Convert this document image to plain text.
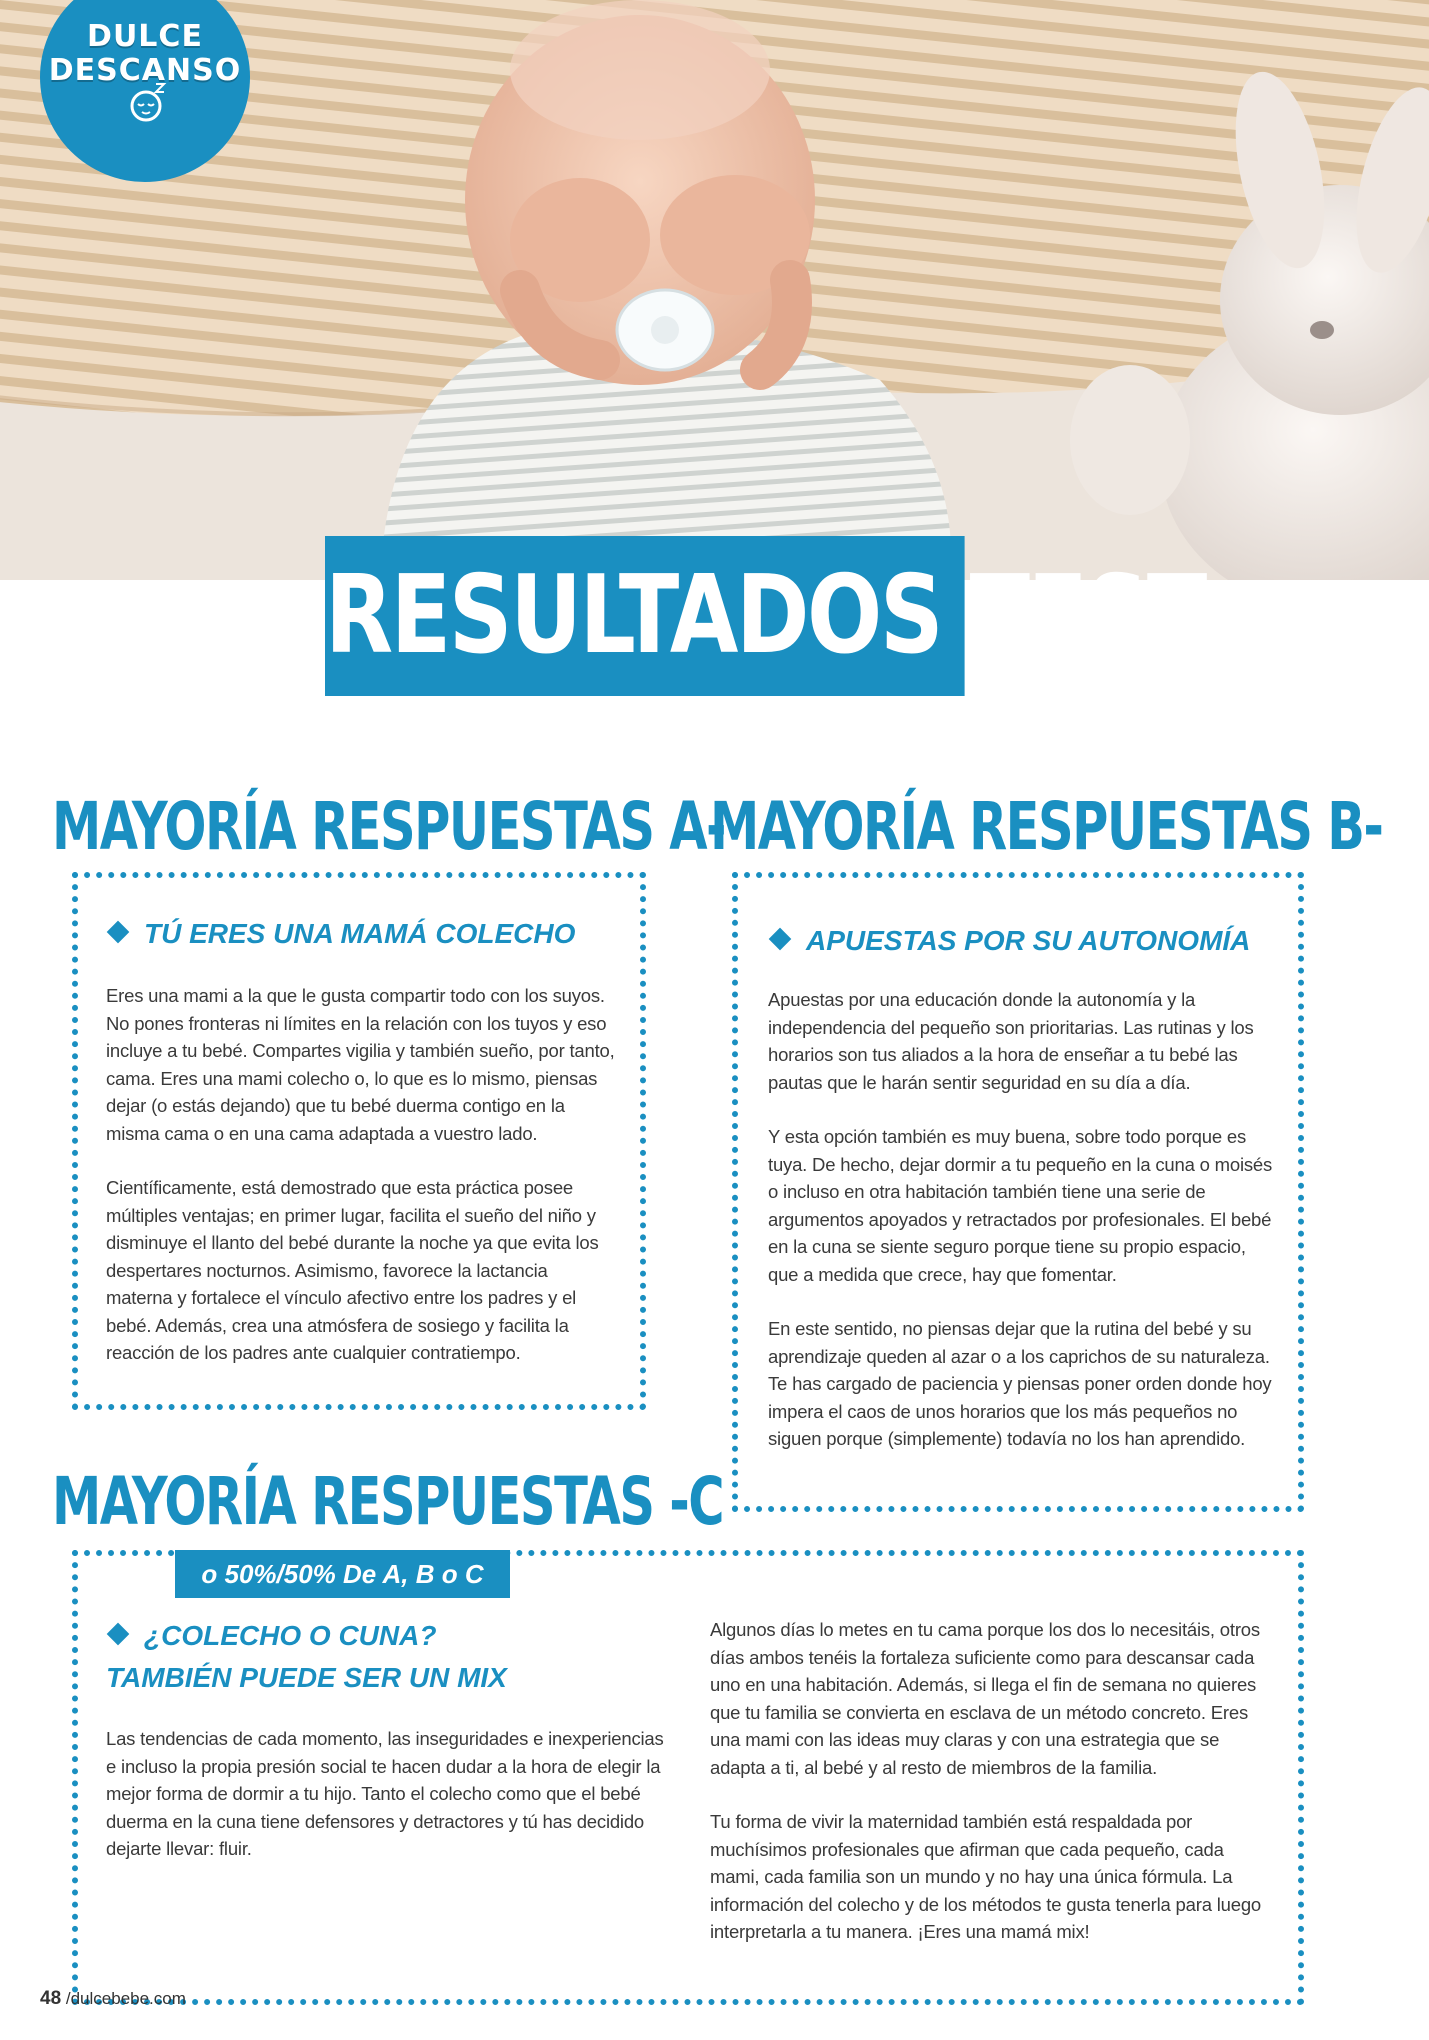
DULCE
DESCANSO
RESULTADOS TEST
MAYORÍA RESPUESTAS A-
TÚ ERES UNA MAMÁ COLECHO

Eres una mami a la que le gusta compartir todo con los suyos. No pones fronteras ni límites en la relación con los tuyos y eso incluye a tu bebé. Compartes vigilia y también sueño, por tanto, cama. Eres una mami colecho o, lo que es lo mismo, piensas dejar (o estás dejando) que tu bebé duerma contigo en la misma cama o en una cama adaptada a vuestro lado.

Científicamente, está demostrado que esta práctica posee múltiples ventajas; en primer lugar, facilita el sueño del niño y disminuye el llanto del bebé durante la noche ya que evita los despertares nocturnos. Asimismo, favorece la lactancia materna y fortalece el vínculo afectivo entre los padres y el bebé. Además, crea una atmósfera de sosiego y facilita la reacción de los padres ante cualquier contratiempo.

MAYORÍA RESPUESTAS B-
APUESTAS POR SU AUTONOMÍA

Apuestas por una educación donde la autonomía y la independencia del pequeño son prioritarias. Las rutinas y los horarios son tus aliados a la hora de enseñar a tu bebé las pautas que le harán sentir seguridad en su día a día.

Y esta opción también es muy buena, sobre todo porque es tuya. De hecho, dejar dormir a tu pequeño en la cuna o moisés o incluso en otra habitación también tiene una serie de argumentos apoyados y retractados por profesionales. El bebé en la cuna se siente seguro porque tiene su propio espacio, que a medida que crece, hay que fomentar.

En este sentido, no piensas dejar que la rutina del bebé y su aprendizaje queden al azar o a los caprichos de su naturaleza. Te has cargado de paciencia y piensas poner orden donde hoy impera el caos de unos horarios que los más pequeños no siguen porque (simplemente) todavía no los han aprendido.

MAYORÍA RESPUESTAS -C
o 50%/50% De A, B o C
¿COLECHO O CUNA?
TAMBIÉN PUEDE SER UN MIX

Las tendencias de cada momento, las inseguridades e inexperiencias e incluso la propia presión social te hacen dudar a la hora de elegir la mejor forma de dormir a tu hijo. Tanto el colecho como que el bebé duerma en la cuna tiene defensores y detractores y tú has decidido dejarte llevar: fluir.

Algunos días lo metes en tu cama porque los dos lo necesitáis, otros días ambos tenéis la fortaleza suficiente como para descansar cada uno en una habitación. Además, si llega el fin de semana no quieres que tu familia se convierta en esclava de un método concreto. Eres una mami con las ideas muy claras y con una estrategia que se adapta a ti, al bebé y al resto de miembros de la familia.

Tu forma de vivir la maternidad también está respaldada por muchísimos profesionales que afirman que cada pequeño, cada mami, cada familia son un mundo y no hay una única fórmula. La información del colecho y de los métodos te gusta tenerla para luego interpretarla a tu manera. ¡Eres una mamá mix!

48 /dulcebebe.com
